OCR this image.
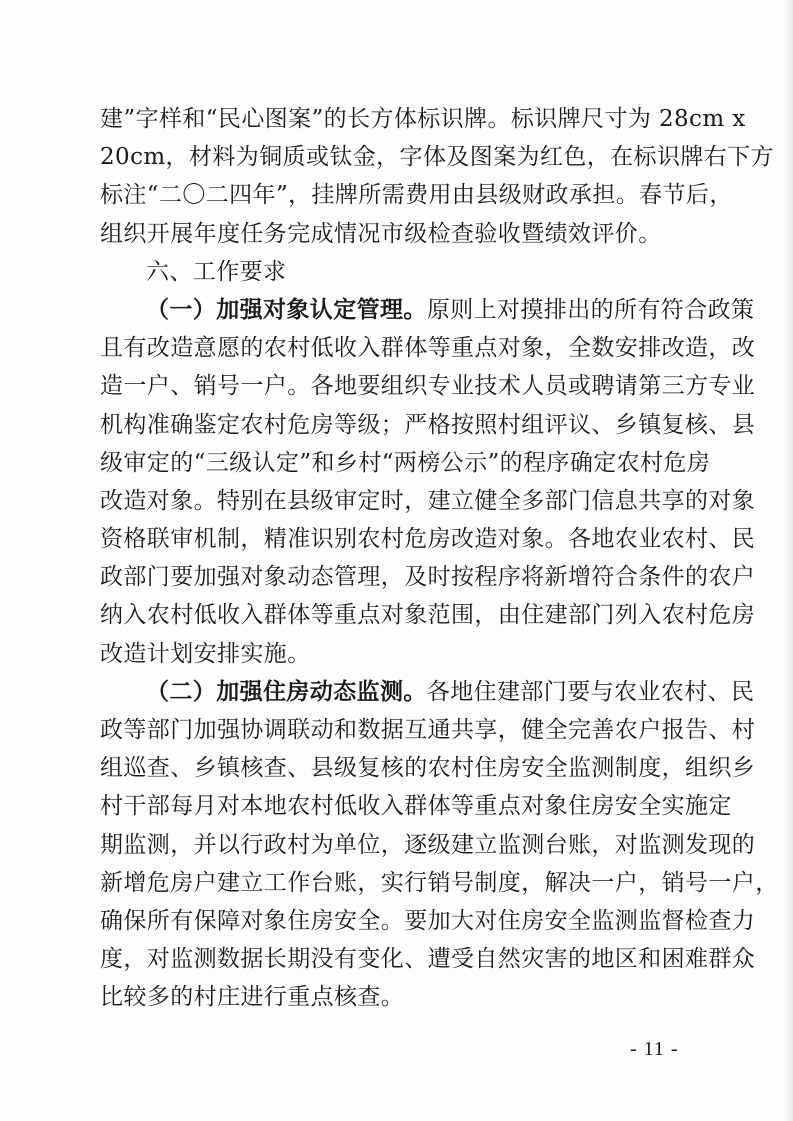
建”字样和“民心图案”的长方体标识牌。标识牌尺寸为 28cm x
20cm，材料为铜质或钛金，字体及图案为红色，在标识牌右下方
标注“二〇二四年”，挂牌所需费用由县级财政承担。春节后，
组织开展年度任务完成情况市级检查验收暨绩效评价。
六、工作要求
（一）加强对象认定管理。原则上对摸排出的所有符合政策
且有改造意愿的农村低收入群体等重点对象，全数安排改造，改
造一户、销号一户。各地要组织专业技术人员或聘请第三方专业
机构准确鉴定农村危房等级；严格按照村组评议、乡镇复核、县
级审定的“三级认定”和乡村“两榜公示”的程序确定农村危房
改造对象。特别在县级审定时，建立健全多部门信息共享的对象
资格联审机制，精准识别农村危房改造对象。各地农业农村、民
政部门要加强对象动态管理，及时按程序将新增符合条件的农户
纳入农村低收入群体等重点对象范围，由住建部门列入农村危房
改造计划安排实施。
（二）加强住房动态监测。各地住建部门要与农业农村、民
政等部门加强协调联动和数据互通共享，健全完善农户报告、村
组巡查、乡镇核查、县级复核的农村住房安全监测制度，组织乡
村干部每月对本地农村低收入群体等重点对象住房安全实施定
期监测，并以行政村为单位，逐级建立监测台账，对监测发现的
新增危房户建立工作台账，实行销号制度，解决一户，销号一户，
确保所有保障对象住房安全。要加大对住房安全监测监督检查力
度，对监测数据长期没有变化、遭受自然灾害的地区和困难群众
比较多的村庄进行重点核查。
- 11 -
